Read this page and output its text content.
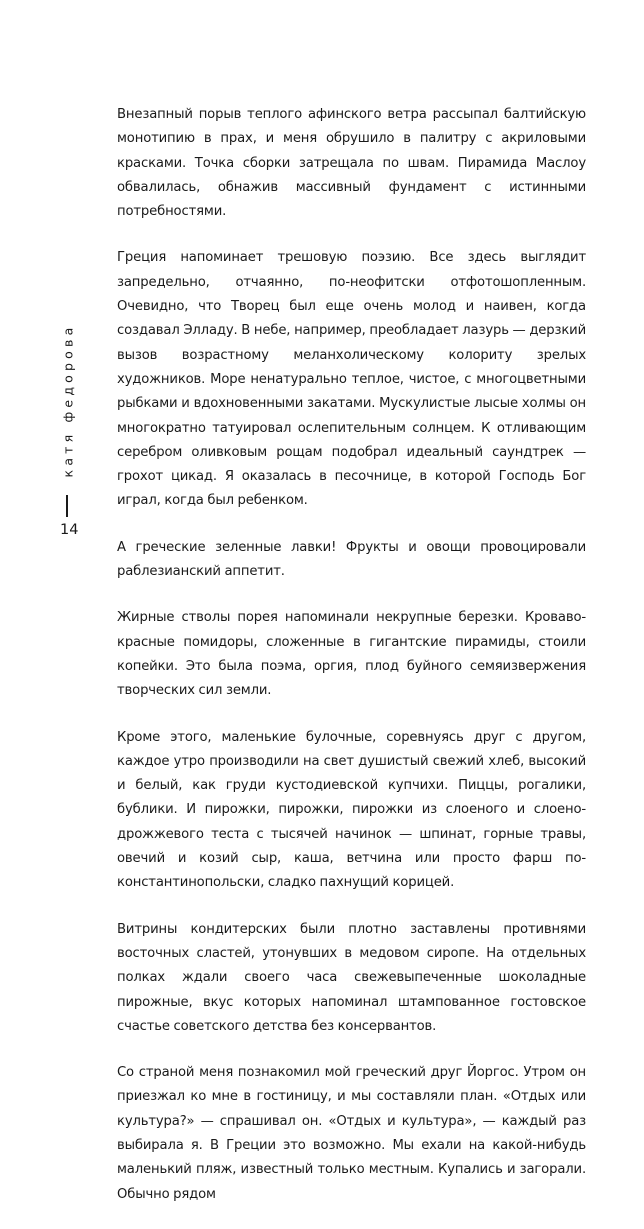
катя федорова
14

Внезапный порыв теплого афинского ветра рассыпал балтийскую монотипию в прах, и меня обрушило в палитру с акриловыми красками. Точка сборки затрещала по швам. Пирамида Маслоу обвалилась, обнажив массивный фундамент с истинными потребностями.

Греция напоминает трешовую поэзию. Все здесь выглядит запредельно, отчаянно, по-неофитски отфотошопленным. Очевидно, что Творец был еще очень молод и наивен, когда создавал Элладу. В небе, например, преобладает лазурь — дерзкий вызов возрастному меланхолическому колориту зрелых художников. Море ненатурально теплое, чистое, с многоцветными рыбками и вдохновенными закатами. Мускулистые лысые холмы он многократно татуировал ослепительным солнцем. К отливающим серебром оливковым рощам подобрал идеальный саундтрек — грохот цикад. Я оказалась в песочнице, в которой Господь Бог играл, когда был ребенком.

А греческие зеленные лавки! Фрукты и овощи провоцировали раблезианский аппетит.

Жирные стволы порея напоминали некрупные березки. Кроваво-красные помидоры, сложенные в гигантские пирамиды, стоили копейки. Это была поэма, оргия, плод буйного семяизвержения творческих сил земли.

Кроме этого, маленькие булочные, соревнуясь друг с другом, каждое утро производили на свет душистый свежий хлеб, высокий и белый, как груди кустодиевской купчихи. Пиццы, рогалики, бублики. И пирожки, пирожки, пирожки из слоеного и слоено-дрожжевого теста с тысячей начинок — шпинат, горные травы, овечий и козий сыр, каша, ветчина или просто фарш по-константинопольски, сладко пахнущий корицей.

Витрины кондитерских были плотно заставлены противнями восточных сластей, утонувших в медовом сиропе. На отдельных полках ждали своего часа свежевыпеченные шоколадные пирожные, вкус которых напоминал штампованное гостовское счастье советского детства без консервантов.

Со страной меня познакомил мой греческий друг Йоргос. Утром он приезжал ко мне в гостиницу, и мы составляли план. «Отдых или культура?» — спрашивал он. «Отдых и культура», — каждый раз выбирала я. В Греции это возможно. Мы ехали на какой-нибудь маленький пляж, известный только местным. Купались и загорали. Обычно рядом
